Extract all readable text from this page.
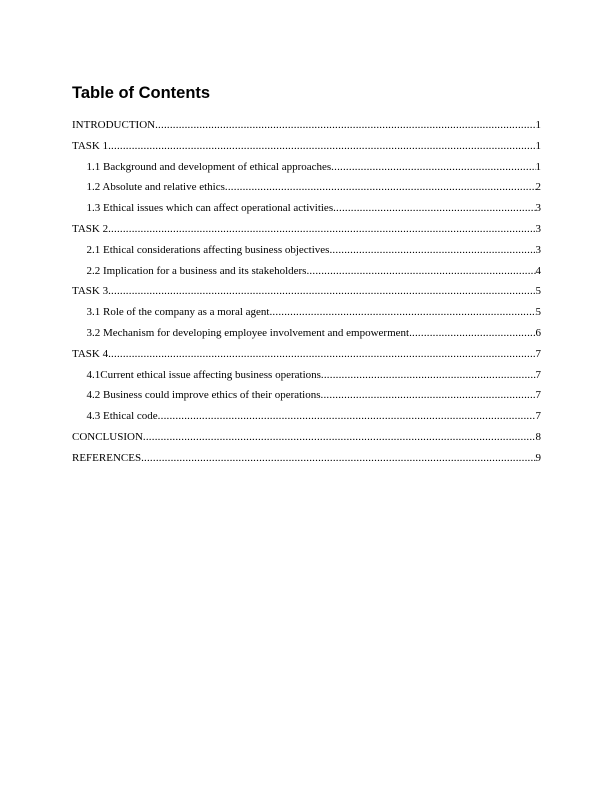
Table of Contents
INTRODUCTION .....	1
TASK 1 .....	1
1.1 Background and development of ethical approaches .....	1
1.2 Absolute and relative ethics .....	2
1.3 Ethical issues which can affect operational activities .....	3
TASK 2 .....	3
2.1 Ethical considerations affecting business objectives .....	3
2.2 Implication for a business and its stakeholders .....	4
TASK 3 .....	5
3.1 Role of the company as a moral agent .....	5
3.2 Mechanism for developing employee involvement and empowerment .....	6
TASK 4 .....	7
4.1Current ethical issue affecting business operations .....	7
4.2 Business could improve ethics of their operations .....	7
4.3 Ethical code .....	7
CONCLUSION .....	8
REFERENCES .....	9
